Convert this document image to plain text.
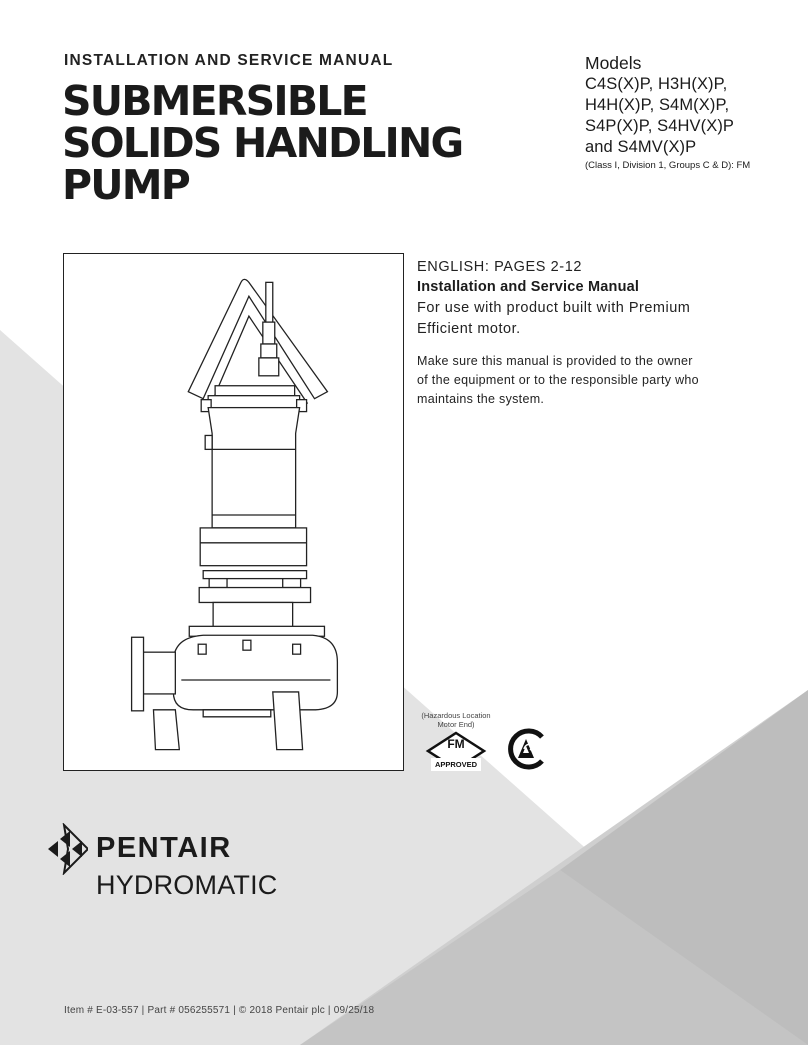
INSTALLATION AND SERVICE MANUAL
SUBMERSIBLE
SOLIDS HANDLING
PUMP
Models
C4S(X)P, H3H(X)P,
H4H(X)P, S4M(X)P,
S4P(X)P, S4HV(X)P
and S4MV(X)P
(Class I, Division 1, Groups C & D): FM
ENGLISH: PAGES 2-12
Installation and Service Manual
For use with product built with Premium
Efficient motor.
Make sure this manual is provided to the owner
of the equipment or to the responsible party who
maintains the system.
(Hazardous Location
Motor End)
FM
APPROVED
PENTAIR
HYDROMATIC
Item # E-03-557 | Part # 056255571 | © 2018 Pentair plc | 09/25/18
